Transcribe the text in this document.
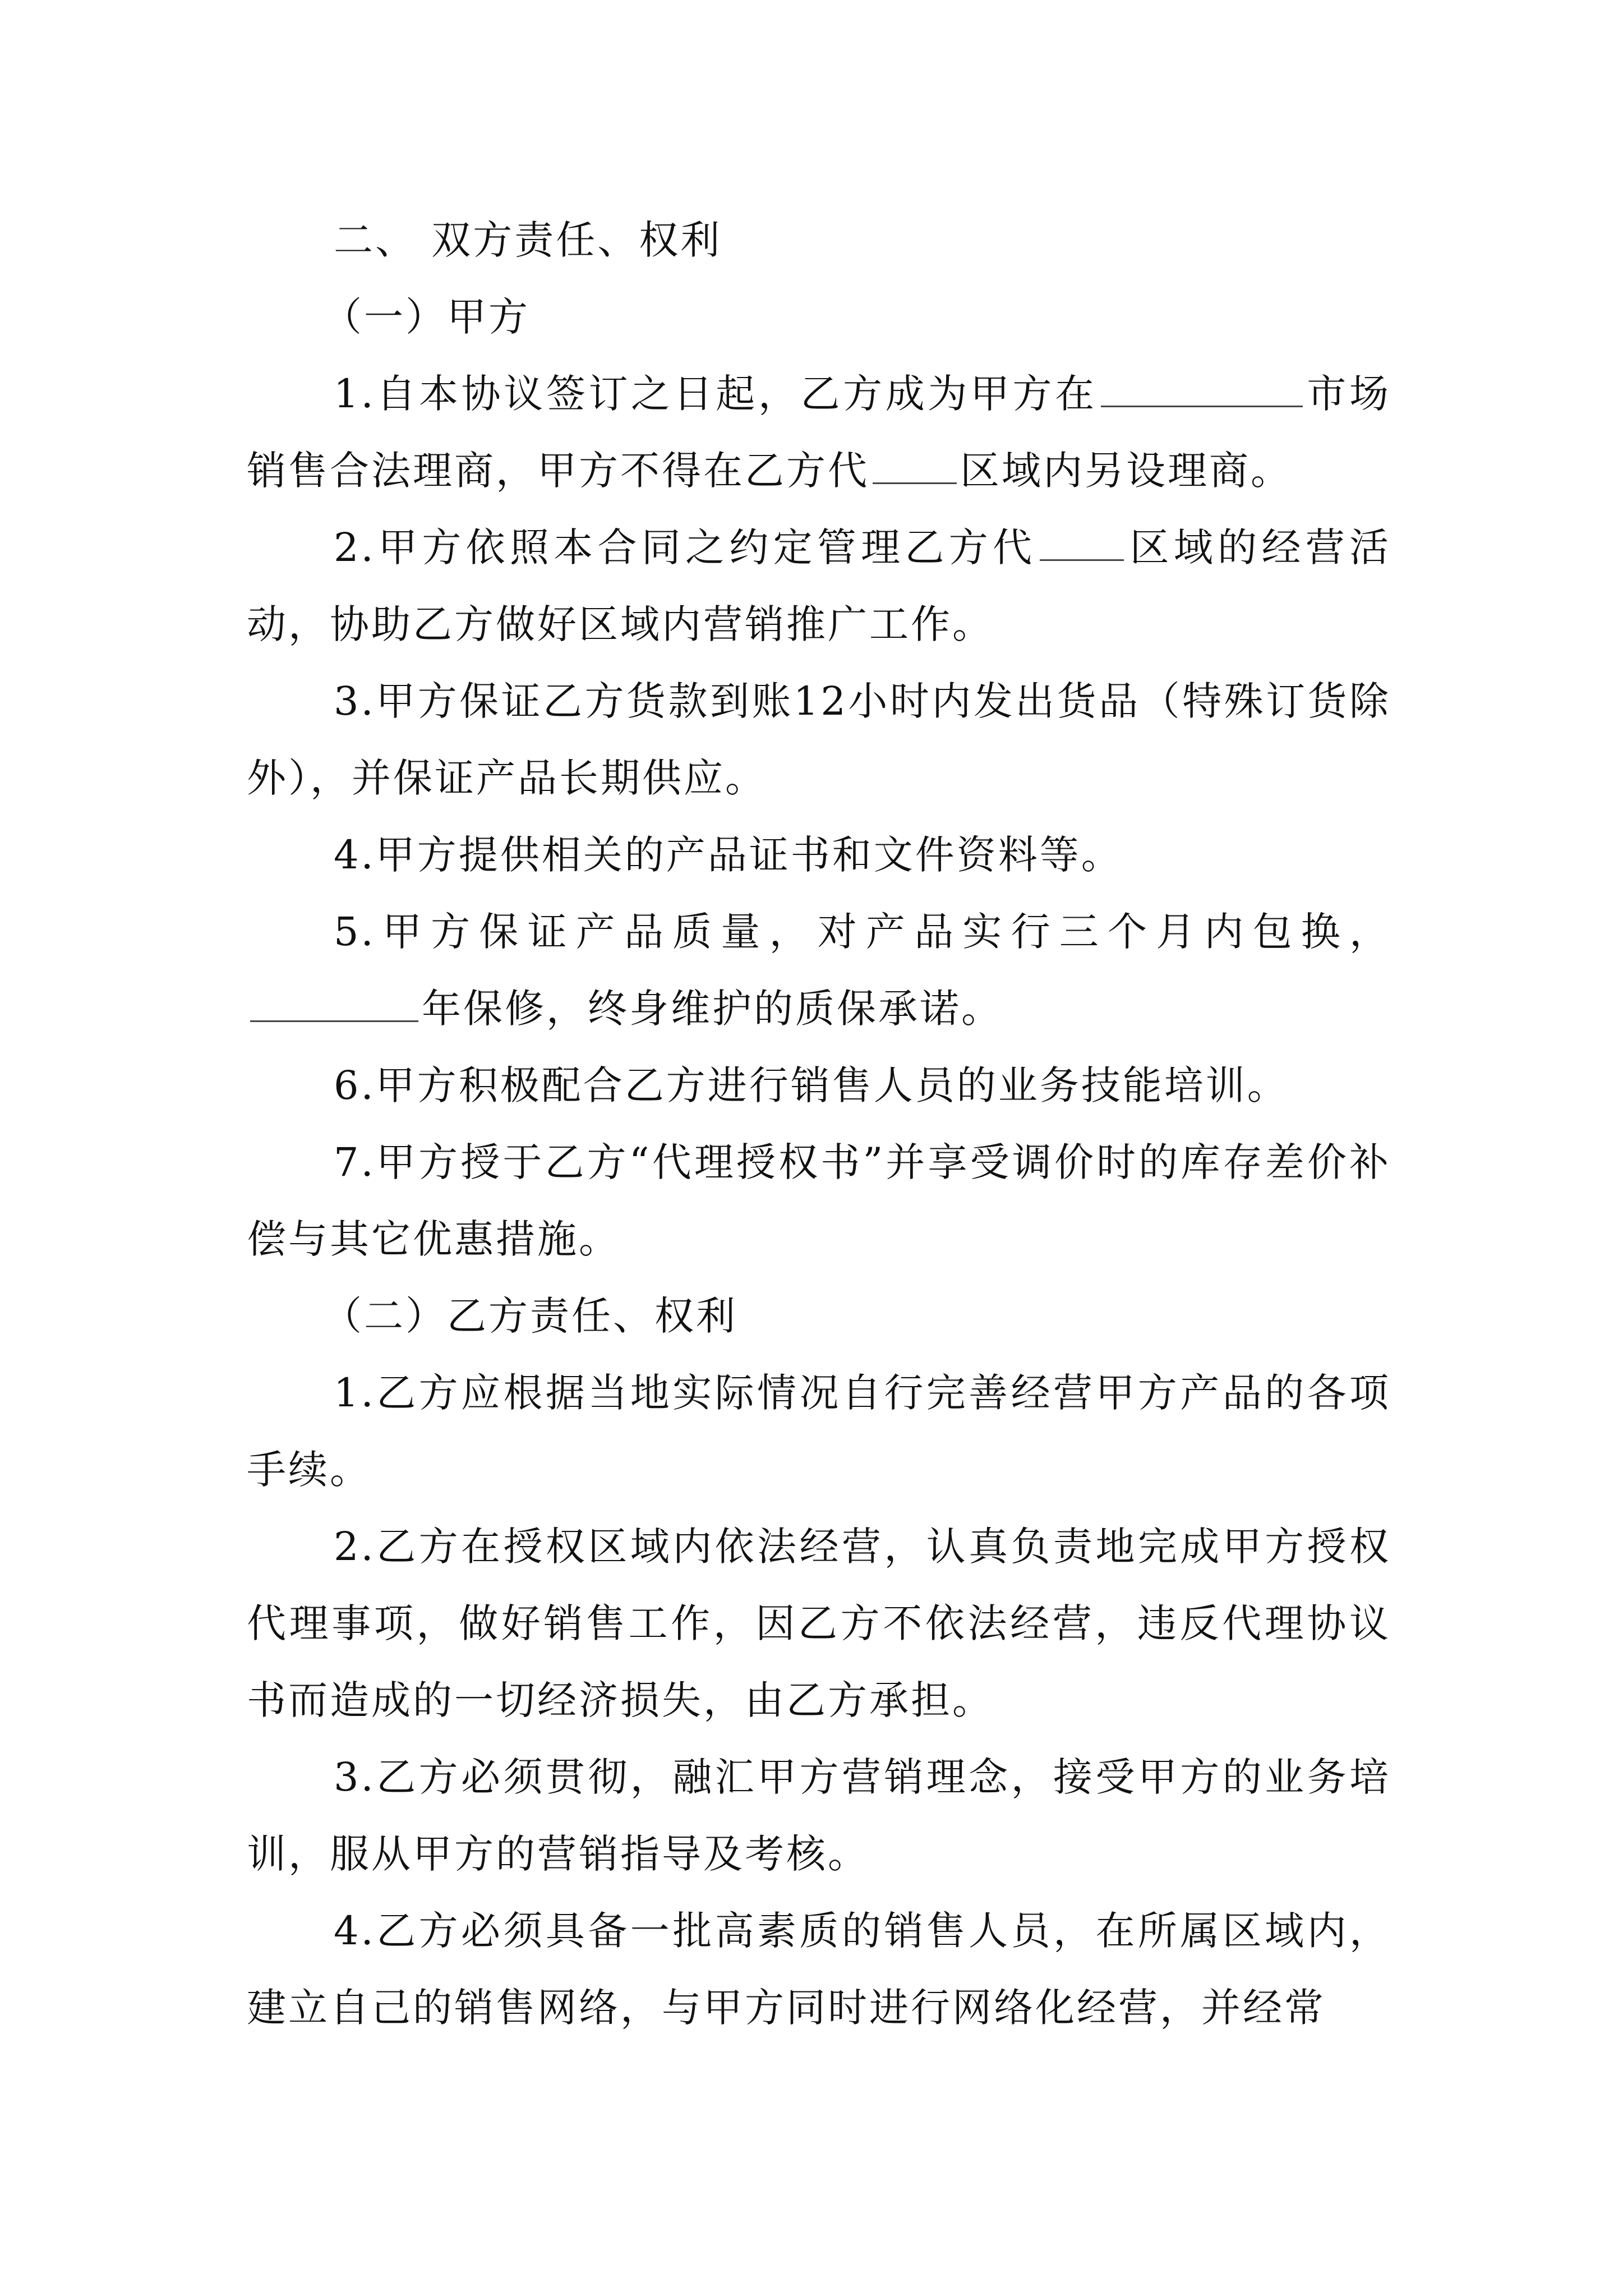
二、 双方责任、权利

（一）甲方

1.自本协议签订之日起，乙方成为甲方在	市场销售合法理商，甲方不得在乙方代 区域内另设理商。

2.甲方依照本合同之约定管理乙方代 区域的经营活动，协助乙方做好区域内营销推广工作。

3.甲方保证乙方货款到账12小时内发出货品（特殊订货除外），并保证产品长期供应。

4.甲方提供相关的产品证书和文件资料等。

5.甲方保证产品质量，对产品实行三个月内包换，年保修，终身维护的质保承诺。

6.甲方积极配合乙方进行销售人员的业务技能培训。

7.甲方授于乙方“代理授权书”并享受调价时的库存差价补偿与其它优惠措施。

（二）乙方责任、权利

1.乙方应根据当地实际情况自行完善经营甲方产品的各项手续。

2.乙方在授权区域内依法经营，认真负责地完成甲方授权代理事项，做好销售工作，因乙方不依法经营，违反代理协议书而造成的一切经济损失，由乙方承担。

3.乙方必须贯彻，融汇甲方营销理念，接受甲方的业务培训，服从甲方的营销指导及考核。

4.乙方必须具备一批高素质的销售人员，在所属区域内，建立自己的销售网络，与甲方同时进行网络化经营，并经常
